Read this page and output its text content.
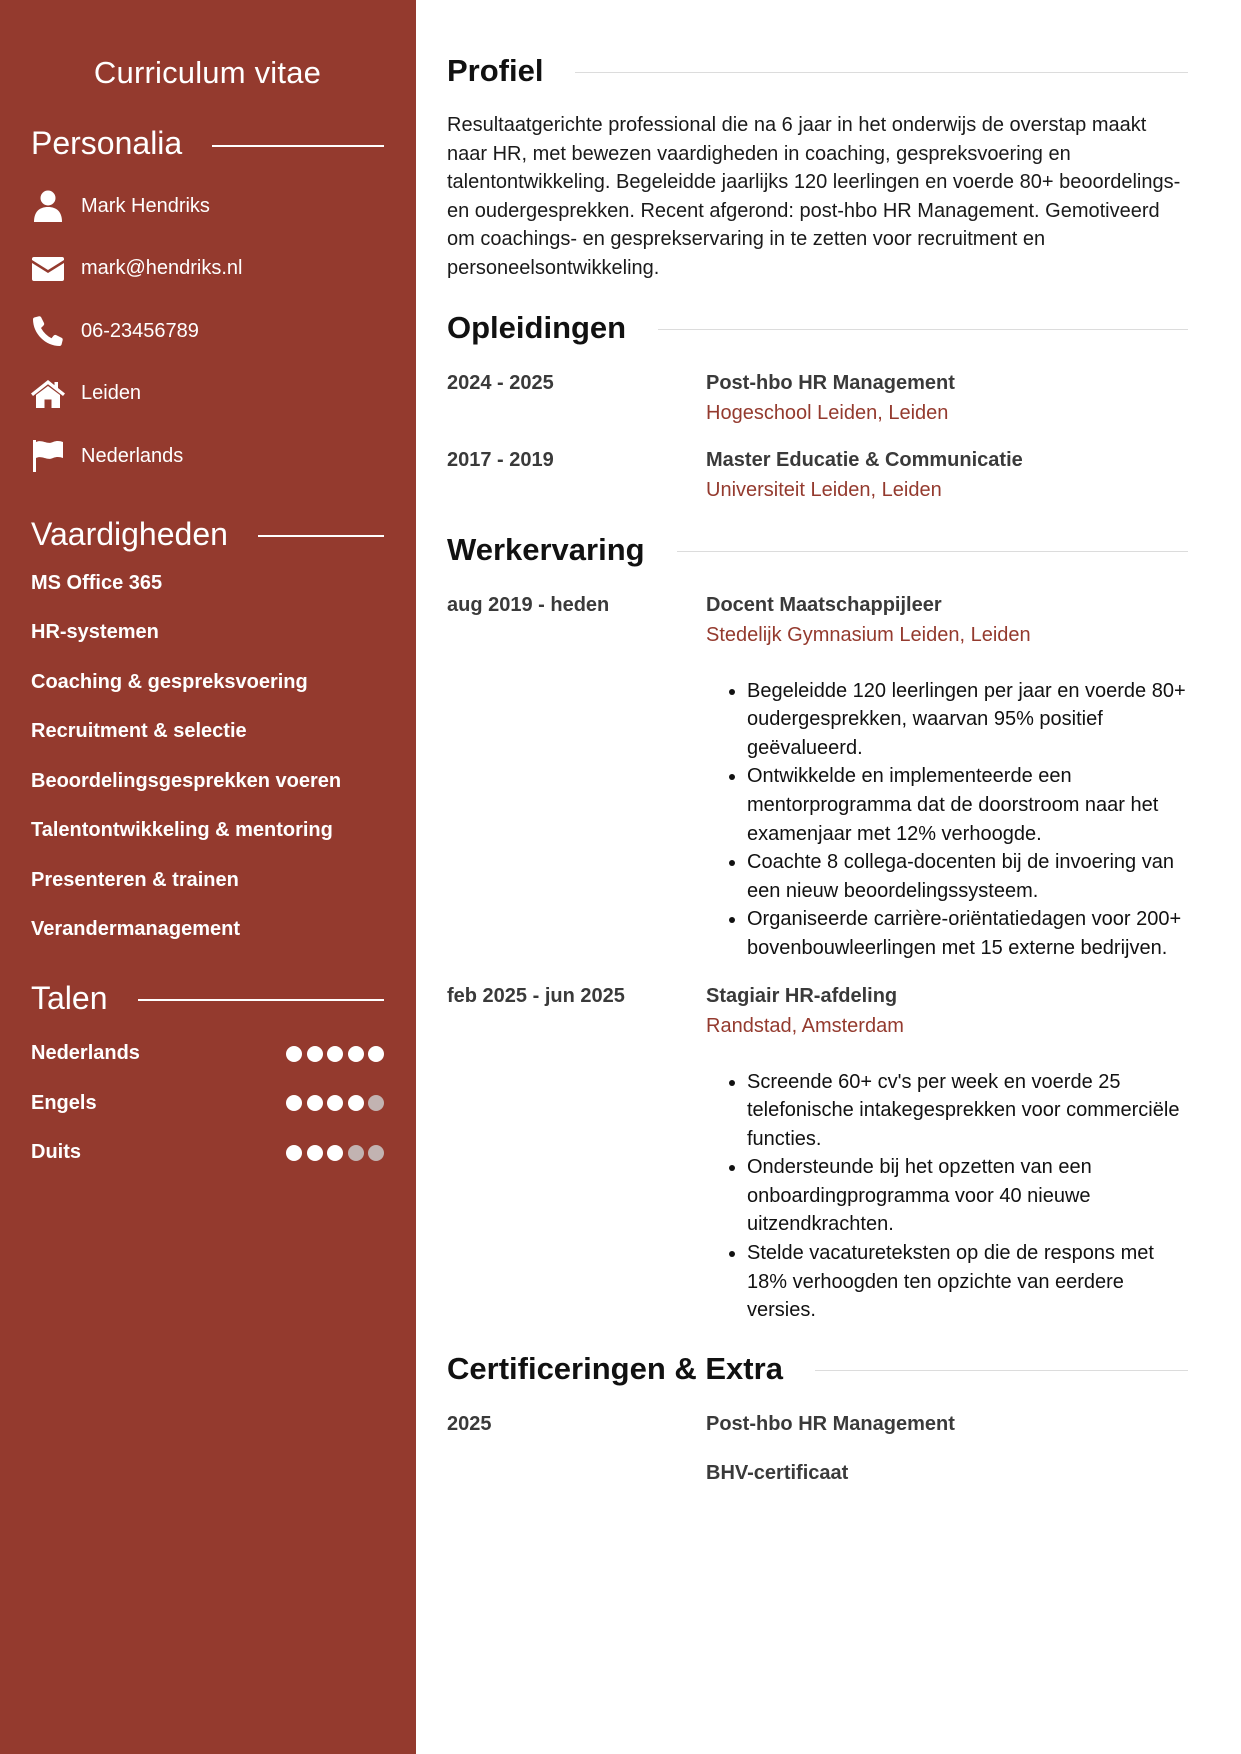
Curriculum vitae
Personalia
Mark Hendriks
mark@hendriks.nl
06-23456789
Leiden
Nederlands
Vaardigheden
MS Office 365
HR-systemen
Coaching & gespreksvoering
Recruitment & selectie
Beoordelingsgesprekken voeren
Talentontwikkeling & mentoring
Presenteren & trainen
Verandermanagement
Talen
Nederlands
Engels
Duits
Profiel

Resultaatgerichte professional die na 6 jaar in het onderwijs de overstap maakt naar HR, met bewezen vaardigheden in coaching, gespreksvoering en talentontwikkeling. Begeleidde jaarlijks 120 leerlingen en voerde 80+ beoordelings- en oudergesprekken. Recent afgerond: post-hbo HR Management. Gemotiveerd om coachings- en gesprekservaring in te zetten voor recruitment en personeelsontwikkeling.

Opleidingen
2024 - 2025	Post-hbo HR Management
Hogeschool Leiden, Leiden
2017 - 2019	Master Educatie & Communicatie
Universiteit Leiden, Leiden
Werkervaring
aug 2019 - heden	Docent Maatschappijleer
Stedelijk Gymnasium Leiden, Leiden
• Begeleidde 120 leerlingen per jaar en voerde 80+ oudergesprekken, waarvan 95% positief geëvalueerd.
• Ontwikkelde en implementeerde een mentorprogramma dat de doorstroom naar het examenjaar met 12% verhoogde.
• Coachte 8 collega-docenten bij de invoering van een nieuw beoordelingssysteem.
• Organiseerde carrière-oriëntatiedagen voor 200+ bovenbouwleerlingen met 15 externe bedrijven.
feb 2025 - jun 2025	Stagiair HR-afdeling
Randstad, Amsterdam
• Screende 60+ cv's per week en voerde 25 telefonische intakegesprekken voor commerciële functies.
• Ondersteunde bij het opzetten van een onboardingprogramma voor 40 nieuwe uitzendkrachten.
• Stelde vacatureteksten op die de respons met 18% verhoogden ten opzichte van eerdere versies.
Certificeringen & Extra
2025	Post-hbo HR Management
BHV-certificaat
